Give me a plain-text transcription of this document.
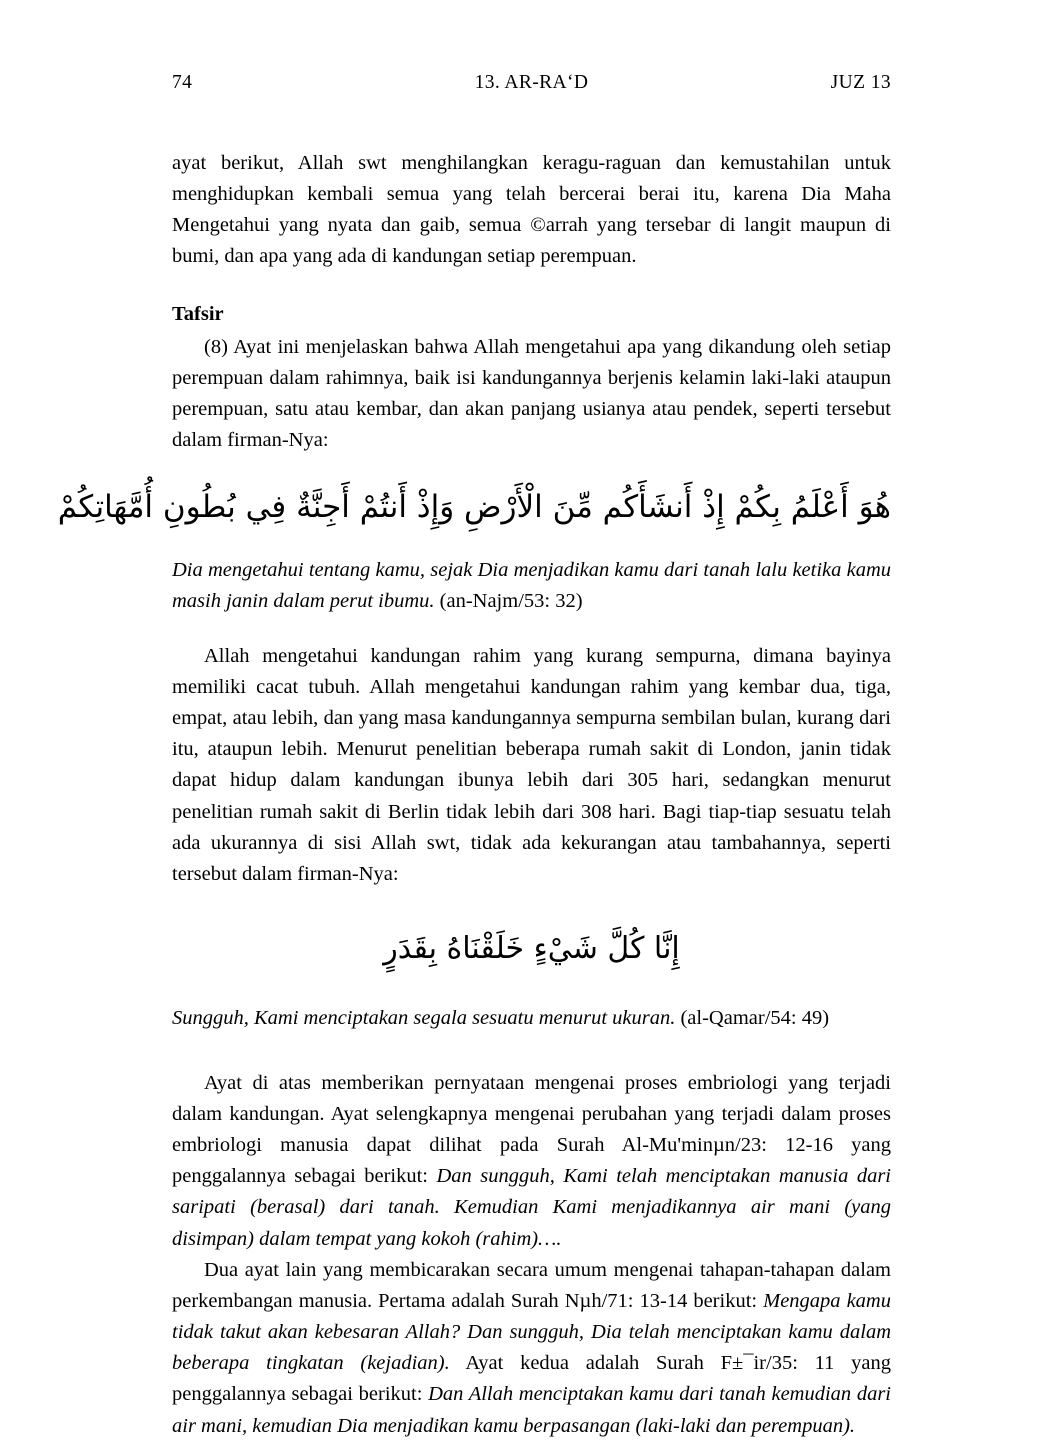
74	13. AR-RA‘D	JUZ 13

ayat berikut, Allah swt menghilangkan keragu-raguan dan kemustahilan untuk menghidupkan kembali semua yang telah bercerai berai itu, karena Dia Maha Mengetahui yang nyata dan gaib, semua ©arrah yang tersebar di langit maupun di bumi, dan apa yang ada di kandungan setiap perempuan.

Tafsir

(8) Ayat ini menjelaskan bahwa Allah mengetahui apa yang dikandung oleh setiap perempuan dalam rahimnya, baik isi kandungannya berjenis kelamin laki-laki ataupun perempuan, satu atau kembar, dan akan panjang usianya atau pendek, seperti tersebut dalam firman-Nya:

هُوَ أَعْلَمُ بِكُمْ إِذْ أَنشَأَكُم مِّنَ الْأَرْضِ وَإِذْ أَنتُمْ أَجِنَّةٌ فِي بُطُونِ أُمَّهَاتِكُمْ

Dia mengetahui tentang kamu, sejak Dia menjadikan kamu dari tanah lalu ketika kamu masih janin dalam perut ibumu. (an-Najm/53: 32)

Allah mengetahui kandungan rahim yang kurang sempurna, dimana bayinya memiliki cacat tubuh. Allah mengetahui kandungan rahim yang kembar dua, tiga, empat, atau lebih, dan yang masa kandungannya sempurna sembilan bulan, kurang dari itu, ataupun lebih. Menurut penelitian beberapa rumah sakit di London, janin tidak dapat hidup dalam kandungan ibunya lebih dari 305 hari, sedangkan menurut penelitian rumah sakit di Berlin tidak lebih dari 308 hari. Bagi tiap-tiap sesuatu telah ada ukurannya di sisi Allah swt, tidak ada kekurangan atau tambahannya, seperti tersebut dalam firman-Nya:

إِنَّا كُلَّ شَيْءٍ خَلَقْنَاهُ بِقَدَرٍ

Sungguh, Kami menciptakan segala sesuatu menurut ukuran. (al-Qamar/54: 49)

Ayat di atas memberikan pernyataan mengenai proses embriologi yang terjadi dalam kandungan. Ayat selengkapnya mengenai perubahan yang terjadi dalam proses embriologi manusia dapat dilihat pada Surah Al-Mu'minµn/23: 12-16 yang penggalannya sebagai berikut: Dan sungguh, Kami telah menciptakan manusia dari saripati (berasal) dari tanah. Kemudian Kami menjadikannya air mani (yang disimpan) dalam tempat yang kokoh (rahim)….

Dua ayat lain yang membicarakan secara umum mengenai tahapan-tahapan dalam perkembangan manusia. Pertama adalah Surah Nµh/71: 13-14 berikut: Mengapa kamu tidak takut akan kebesaran Allah? Dan sungguh, Dia telah menciptakan kamu dalam beberapa tingkatan (kejadian). Ayat kedua adalah Surah F±¯ir/35: 11 yang penggalannya sebagai berikut: Dan Allah menciptakan kamu dari tanah kemudian dari air mani, kemudian Dia menjadikan kamu berpasangan (laki-laki dan perempuan).
